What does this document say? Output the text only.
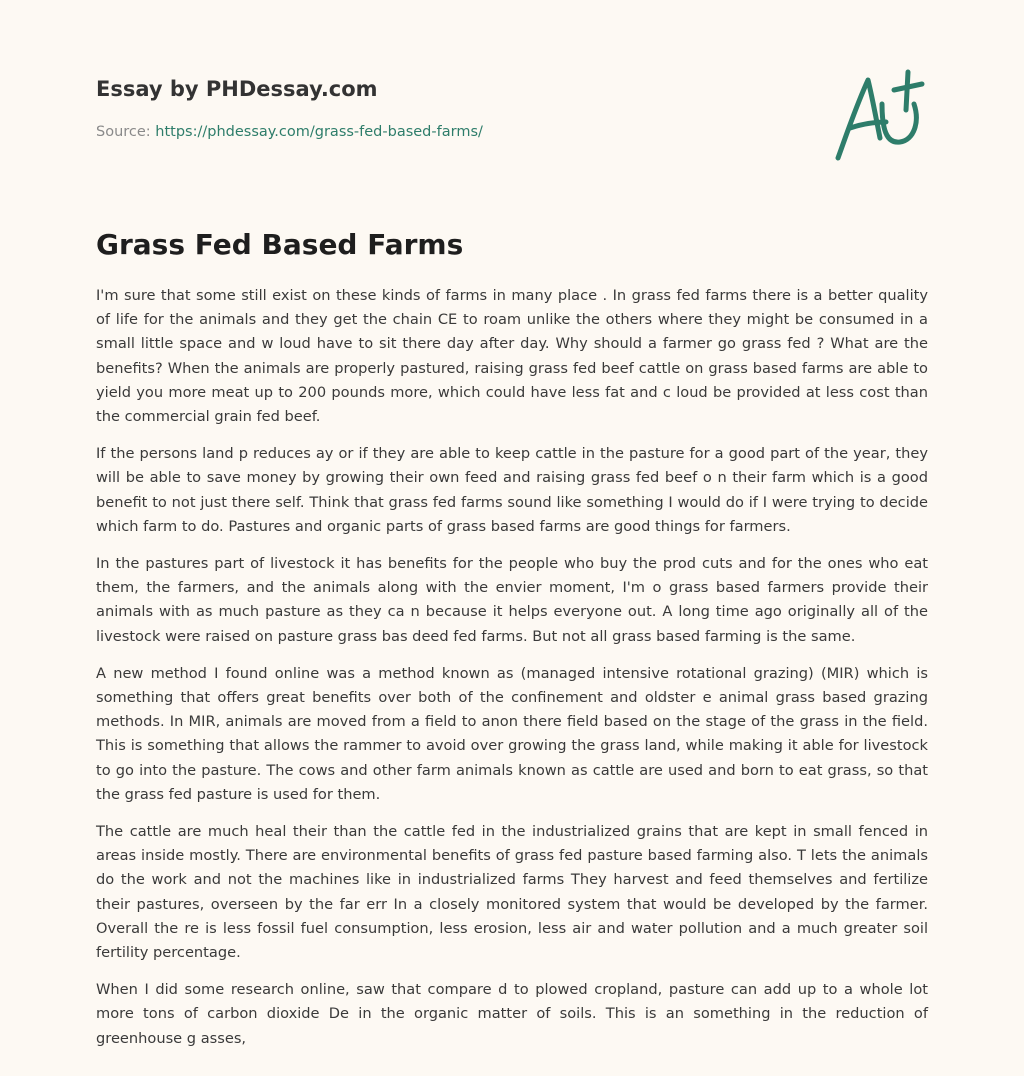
Essay by PHDessay.com
Source: https://phdessay.com/grass-fed-based-farms/
Grass Fed Based Farms

I'm sure that some still exist on these kinds of farms in many place . In grass fed farms there is a better quality of life for the animals and they get the chain CE to roam unlike the others where they might be consumed in a small little space and w loud have to sit there day after day. Why should a farmer go grass fed ? What are the benefits? When the animals are properly pastured, raising grass fed beef cattle on grass based farms are able to yield you more meat up to 200 pounds more, which could have less fat and c loud be provided at less cost than the commercial grain fed beef.

If the persons land p reduces ay or if they are able to keep cattle in the pasture for a good part of the year, they will be able to save money by growing their own feed and raising grass fed beef o n their farm which is a good benefit to not just there self. Think that grass fed farms sound like something I would do if I were trying to decide which farm to do. Pastures and organic parts of grass based farms are good things for farmers.

In the pastures part of livestock it has benefits for the people who buy the prod cuts and for the ones who eat them, the farmers, and the animals along with the envier moment, I'm o grass based farmers provide their animals with as much pasture as they ca n because it helps everyone out. A long time ago originally all of the livestock were raised on pasture grass bas deed fed farms. But not all grass based farming is the same.

A new method I found online was a method known as (managed intensive rotational grazing) (MIR) which is something that offers great benefits over both of the confinement and oldster e animal grass based grazing methods. In MIR, animals are moved from a field to anon there field based on the stage of the grass in the field. This is something that allows the rammer to avoid over growing the grass land, while making it able for livestock to go into the pasture. The cows and other farm animals known as cattle are used and born to eat grass, so that the grass fed pasture is used for them.

The cattle are much heal their than the cattle fed in the industrialized grains that are kept in small fenced in areas inside mostly. There are environmental benefits of grass fed pasture based farming also. T lets the animals do the work and not the machines like in industrialized farms They harvest and feed themselves and fertilize their pastures, overseen by the far err In a closely monitored system that would be developed by the farmer. Overall the re is less fossil fuel consumption, less erosion, less air and water pollution and a much greater soil fertility percentage.

When I did some research online, saw that compare d to plowed cropland, pasture can add up to a whole lot more tons of carbon dioxide De in the organic matter of soils. This is an something in the reduction of greenhouse g asses,
